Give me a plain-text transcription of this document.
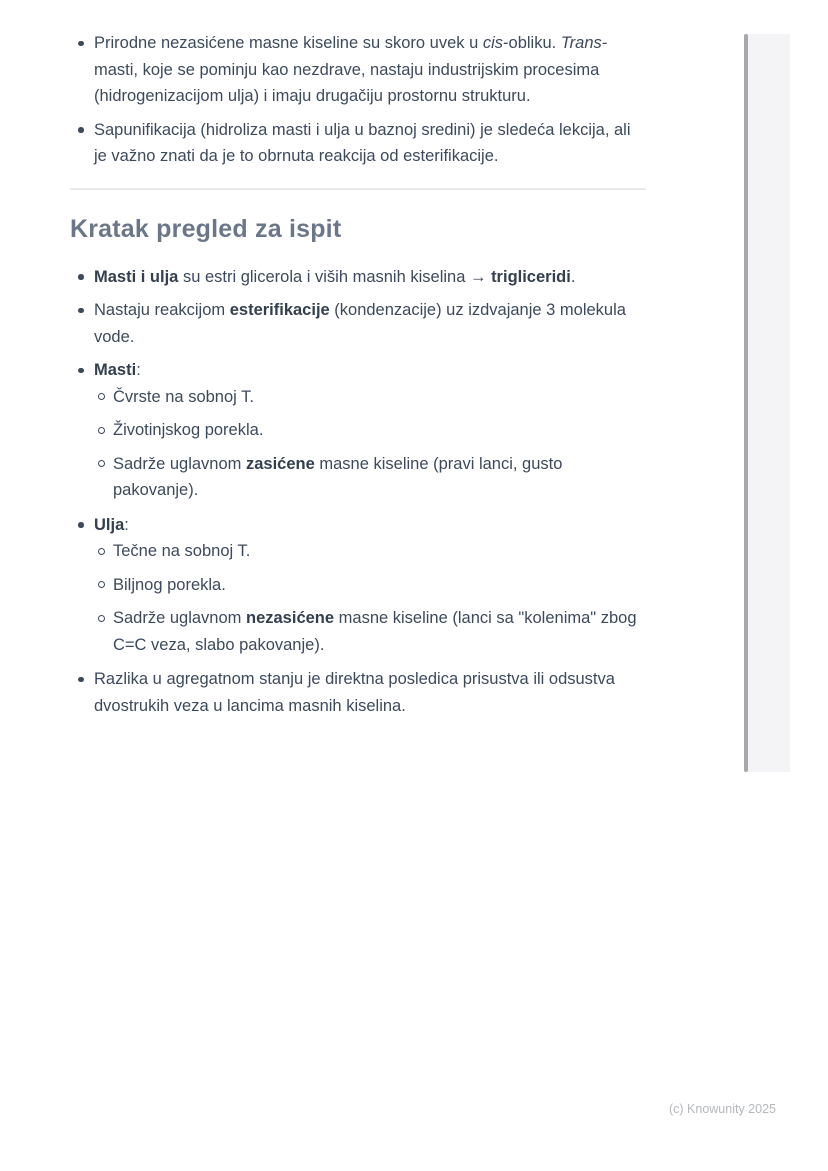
Prirodne nezasićene masne kiseline su skoro uvek u cis-obliku. Trans-masti, koje se pominju kao nezdrave, nastaju industrijskim procesima (hidrogenizacijom ulja) i imaju drugačiju prostornu strukturu.
Sapunifikacija (hidroliza masti i ulja u baznoj sredini) je sledeća lekcija, ali je važno znati da je to obrnuta reakcija od esterifikacije.
Kratak pregled za ispit
Masti i ulja su estri glicerola i viših masnih kiselina → trigliceridi.
Nastaju reakcijom esterifikacije (kondenzacije) uz izdvajanje 3 molekula vode.
Masti:
Čvrste na sobnoj T.
Životinjskog porekla.
Sadrže uglavnom zasićene masne kiseline (pravi lanci, gusto pakovanje).
Ulja:
Tečne na sobnoj T.
Biljnog porekla.
Sadrže uglavnom nezasićene masne kiseline (lanci sa "kolenima" zbog C=C veza, slabo pakovanje).
Razlika u agregatnom stanju je direktna posledica prisustva ili odsustva dvostrukih veza u lancima masnih kiselina.
(c) Knowunity 2025
